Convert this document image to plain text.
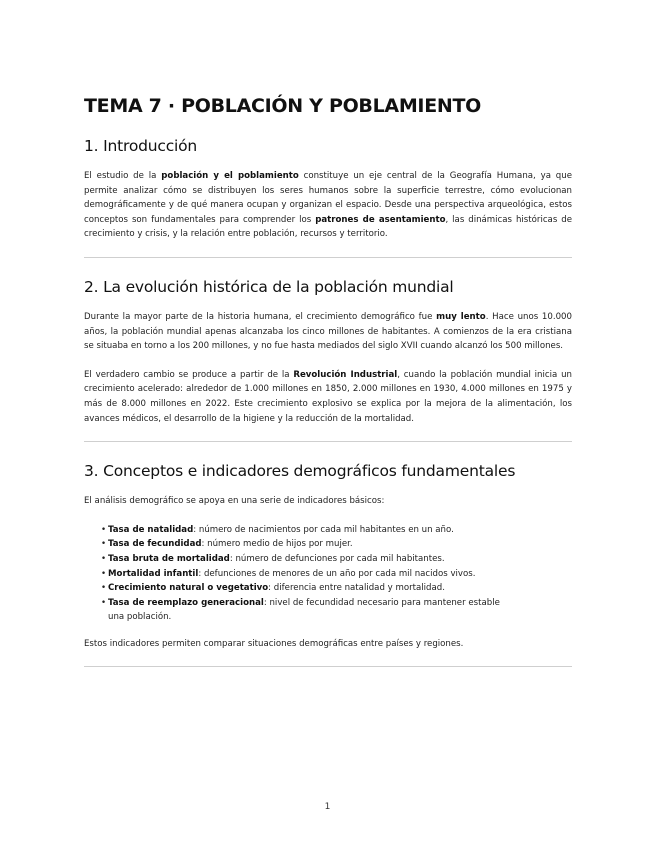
TEMA 7 · POBLACIÓN Y POBLAMIENTO
1. Introducción

El estudio de la población y el poblamiento constituye un eje central de la Geografía Humana, ya que permite analizar cómo se distribuyen los seres humanos sobre la superficie terrestre, cómo evolucionan demográficamente y de qué manera ocupan y organizan el espacio. Desde una perspectiva arqueológica, estos conceptos son fundamentales para comprender los patrones de asentamiento, las dinámicas históricas de crecimiento y crisis, y la relación entre población, recursos y territorio.

2. La evolución histórica de la población mundial

Durante la mayor parte de la historia humana, el crecimiento demográfico fue muy lento. Hace unos 10.000 años, la población mundial apenas alcanzaba los cinco millones de habitantes. A comienzos de la era cristiana se situaba en torno a los 200 millones, y no fue hasta mediados del siglo XVII cuando alcanzó los 500 millones.

El verdadero cambio se produce a partir de la Revolución Industrial, cuando la población mundial inicia un crecimiento acelerado: alrededor de 1.000 millones en 1850, 2.000 millones en 1930, 4.000 millones en 1975 y más de 8.000 millones en 2022. Este crecimiento explosivo se explica por la mejora de la alimentación, los avances médicos, el desarrollo de la higiene y la reducción de la mortalidad.

3. Conceptos e indicadores demográficos fundamentales

El análisis demográfico se apoya en una serie de indicadores básicos:

• Tasa de natalidad: número de nacimientos por cada mil habitantes en un año.
• Tasa de fecundidad: número medio de hijos por mujer.
• Tasa bruta de mortalidad: número de defunciones por cada mil habitantes.
• Mortalidad infantil: defunciones de menores de un año por cada mil nacidos vivos.
• Crecimiento natural o vegetativo: diferencia entre natalidad y mortalidad.
• Tasa de reemplazo generacional: nivel de fecundidad necesario para mantener estable una población.

Estos indicadores permiten comparar situaciones demográficas entre países y regiones.

1
